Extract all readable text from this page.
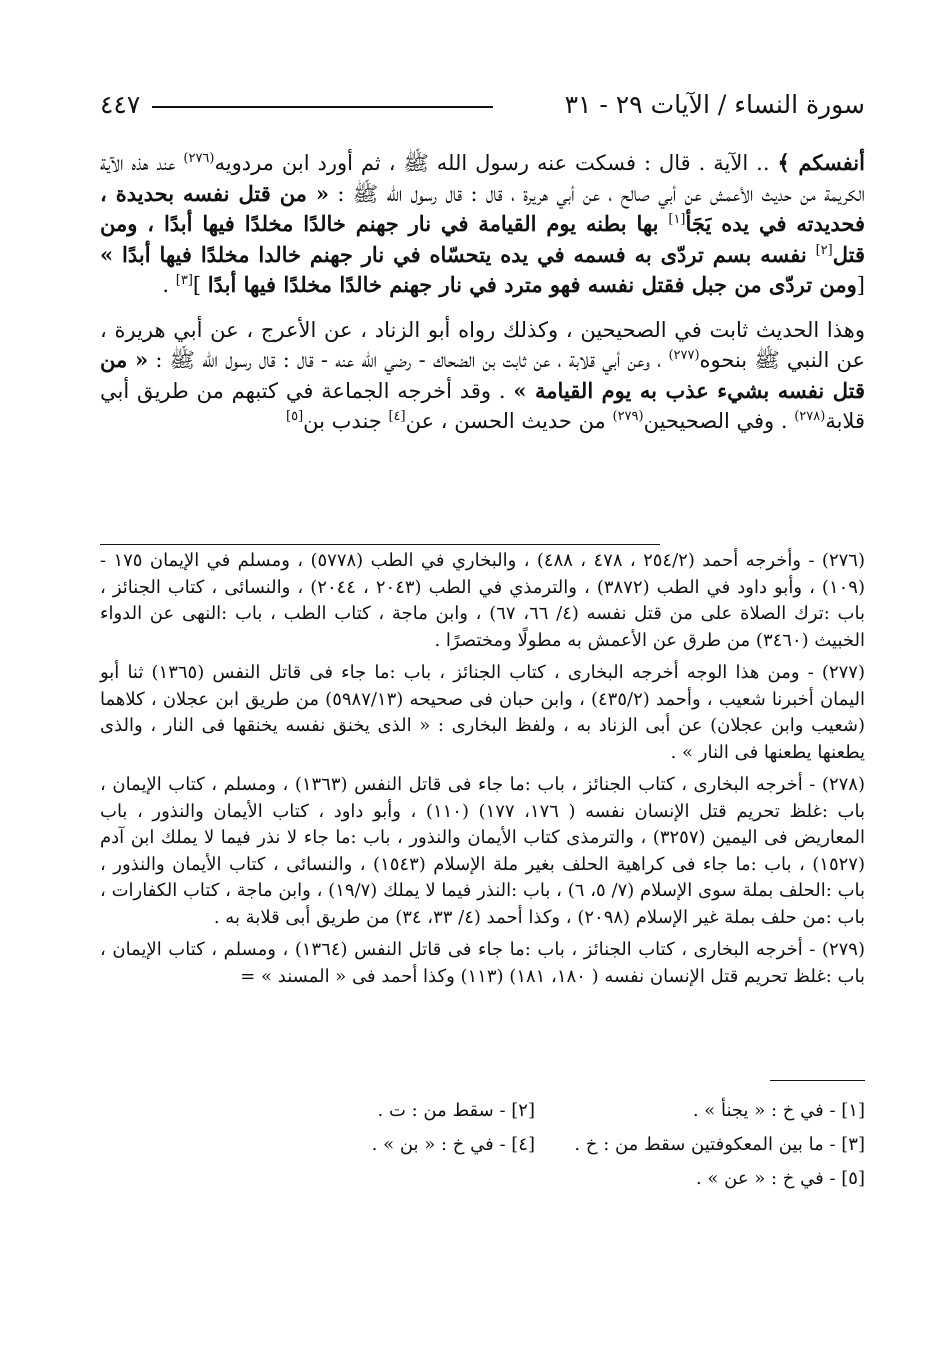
٤٤٧	سورة النساء / الآيات ٢٩ - ٣١

أنفسكم ﴾ .. الآية . قال : فسكت عنه رسول الله ﷺ ، ثم أورد ابن مردويه$^{(٢٧٦)}$ عند هذه الآية الكريمة من حديث الأعمش عن أبي صالح ، عن أبي هريرة ، قال : قال رسول الله ﷺ : « من قتل نفسه بحديدة ، فحديدته في يده يَجَأ[١] بها بطنه يوم القيامة في نار جهنم خالدًا مخلدًا فيها أبدًا ، ومن قتل[٢] نفسه بسم تردّى به فسمه في يده يتحسّاه في نار جهنم خالدا مخلدًا فيها أبدًا » [ومن تردّى من جبل فقتل نفسه فهو مترد في نار جهنم خالدًا مخلدًا فيها أبدًا ][٣] .

وهذا الحديث ثابت في الصحيحين ، وكذلك رواه أبو الزناد ، عن الأعرج ، عن أبي هريرة ، عن النبي ﷺ بنحوه$^{(٢٧٧)}$ ، وعن أبي قلابة ، عن ثابت بن الضحاك - رضي الله عنه - قال : قال رسول الله ﷺ : « من قتل نفسه بشيء عذب به يوم القيامة » . وقد أخرجه الجماعة في كتبهم من طريق أبي قلابة$^{(٢٧٨)}$ . وفي الصحيحين$^{(٢٧٩)}$ من حديث الحسن ، عن[٤] جندب بن[٥]

(٢٧٦) - وأخرجه أحمد (٢٥٤/٢ ، ٤٧٨ ، ٤٨٨) ، والبخاري في الطب (٥٧٧٨) ، ومسلم في الإيمان ١٧٥ - (١٠٩) ، وأبو داود في الطب (٣٨٧٢) ، والترمذي في الطب (٢٠٤٣ ، ٢٠٤٤) ، والنسائى ، كتاب الجنائز ، باب :ترك الصلاة على من قتل نفسه (٤/ ٦٦، ٦٧) ، وابن ماجة ، كتاب الطب ، باب :النهى عن الدواء الخبيث (٣٤٦٠) من طرق عن الأعمش به مطولًا ومختصرًا .

(٢٧٧) - ومن هذا الوجه أخرجه البخارى ، كتاب الجنائز ، باب :ما جاء فى قاتل النفس (١٣٦٥) ثنا أبو اليمان أخبرنا شعيب ، وأحمد (٤٣٥/٢) ، وابن حبان فى صحيحه (٥٩٨٧/١٣) من طريق ابن عجلان ، كلاهما (شعيب وابن عجلان) عن أبى الزناد به ، ولفظ البخارى : « الذى يخنق نفسه يخنقها فى النار ، والذى يطعنها يطعنها فى النار » .

(٢٧٨) - أخرجه البخارى ، كتاب الجنائز ، باب :ما جاء فى قاتل النفس (١٣٦٣) ، ومسلم ، كتاب الإيمان ، باب :غلظ تحريم قتل الإنسان نفسه ( ١٧٦، ١٧٧) (١١٠) ، وأبو داود ، كتاب الأيمان والنذور ، باب المعاريض فى اليمين (٣٢٥٧) ، والترمذى كتاب الأيمان والنذور ، باب :ما جاء لا نذر فيما لا يملك ابن آدم (١٥٢٧) ، باب :ما جاء فى كراهية الحلف بغير ملة الإسلام (١٥٤٣) ، والنسائى ، كتاب الأيمان والنذور ، باب :الحلف بملة سوى الإسلام (٧/ ٥، ٦) ، باب :النذر فيما لا يملك (١٩/٧) ، وابن ماجة ، كتاب الكفارات ، باب :من حلف بملة غير الإسلام (٢٠٩٨) ، وكذا أحمد (٤/ ٣٣، ٣٤) من طريق أبى قلابة به .

(٢٧٩) - أخرجه البخارى ، كتاب الجنائز ، باب :ما جاء فى قاتل النفس (١٣٦٤) ، ومسلم ، كتاب الإيمان ، باب :غلظ تحريم قتل الإنسان نفسه ( ١٨٠، ١٨١) (١١٣) وكذا أحمد فى « المسند » =

[١] - في خ : « يجنأ » .
[٢] - سقط من : ت .
[٣] - ما بين المعكوفتين سقط من : خ .
[٤] - في خ : « بن » .
[٥] - في خ : « عن » .
